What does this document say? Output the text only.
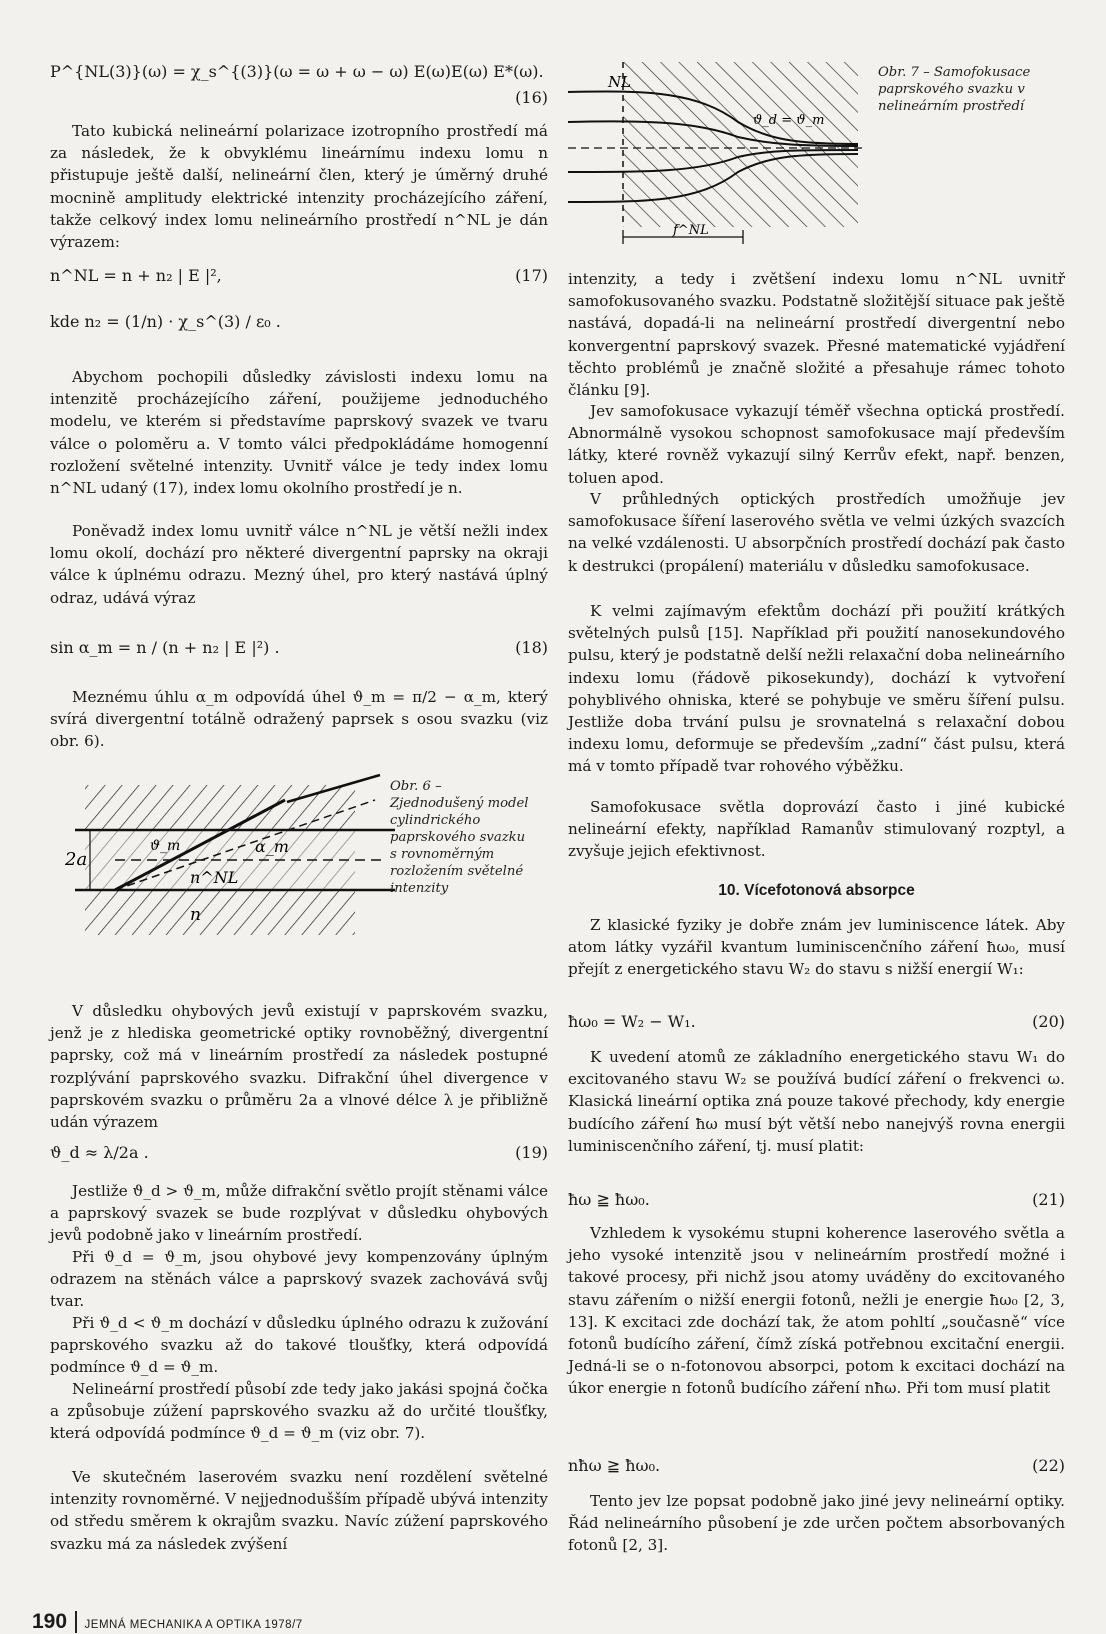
P^{NL(3)}(ω) = χ_s^{(3)}(ω = ω + ω − ω) E(ω)E(ω) E*(ω).
(16)

Tato kubická nelineární polarizace izotropního prostředí má za následek, že k obvyklému lineárnímu indexu lomu n přistupuje ještě další, nelineární člen, který je úměrný druhé mocnině amplitudy elektrické intenzity procházejícího záření, takže celkový index lomu nelineárního prostředí n^NL je dán výrazem:

n^NL = n + n₂ | E |²,	(17)
kde n₂ = (1/n) · χ_s^(3) / ε₀ .

Abychom pochopili důsledky závislosti indexu lomu na intenzitě procházejícího záření, použijeme jednoduchého modelu, ve kterém si představíme paprskový svazek ve tvaru válce o poloměru a. V tomto válci předpokládáme homogenní rozložení světelné intenzity. Uvnitř válce je tedy index lomu n^NL udaný (17), index lomu okolního prostředí je n.

Poněvadž index lomu uvnitř válce n^NL je větší nežli index lomu okolí, dochází pro některé divergentní paprsky na okraji válce k úplnému odrazu. Mezný úhel, pro který nastává úplný odraz, udává výraz

sin α_m = n / (n + n₂ | E |²) .	(18)

Meznému úhlu α_m odpovídá úhel ϑ_m = π/2 − α_m, který svírá divergentní totálně odražený paprsek s osou svazku (viz obr. 6).

2a
n^NL
n
α_m
ϑ_m
Obr. 6 – Zjednodušený model cylindrického paprskového svazku s rovnoměrným rozložením světelné intenzity

V důsledku ohybových jevů existují v paprskovém svazku, jenž je z hlediska geometrické optiky rovnoběžný, divergentní paprsky, což má v lineárním prostředí za následek postupné rozplývání paprskového svazku. Difrakční úhel divergence v paprskovém svazku o průměru 2a a vlnové délce λ je přibližně udán výrazem

ϑ_d ≈ λ/2a .	(19)

Jestliže ϑ_d > ϑ_m, může difrakční světlo projít stěnami válce a paprskový svazek se bude rozplývat v důsledku ohybových jevů podobně jako v lineárním prostředí.

Při ϑ_d = ϑ_m, jsou ohybové jevy kompenzovány úplným odrazem na stěnách válce a paprskový svazek zachovává svůj tvar.

Při ϑ_d < ϑ_m dochází v důsledku úplného odrazu k zužování paprskového svazku až do takové tloušťky, která odpovídá podmínce ϑ_d = ϑ_m.

Nelineární prostředí působí zde tedy jako jakási spojná čočka a způsobuje zúžení paprskového svazku až do určité tloušťky, která odpovídá podmínce ϑ_d = ϑ_m (viz obr. 7).

Ve skutečném laserovém svazku není rozdělení světelné intenzity rovnoměrné. V nejjednodušším případě ubývá intenzity od středu směrem k okrajům svazku. Navíc zúžení paprskového svazku má za následek zvýšení

NL
ϑ_d = ϑ_m
f^NL
Obr. 7 – Samofokusace paprskového svazku v nelineárním prostředí

intenzity, a tedy i zvětšení indexu lomu n^NL uvnitř samofokusovaného svazku. Podstatně složitější situace pak ještě nastává, dopadá-li na nelineární prostředí divergentní nebo konvergentní paprskový svazek. Přesné matematické vyjádření těchto problémů je značně složité a přesahuje rámec tohoto článku [9].

Jev samofokusace vykazují téměř všechna optická prostředí. Abnormálně vysokou schopnost samofokusace mají především látky, které rovněž vykazují silný Kerrův efekt, např. benzen, toluen apod.

V průhledných optických prostředích umožňuje jev samofokusace šíření laserového světla ve velmi úzkých svazcích na velké vzdálenosti. U absorpčních prostředí dochází pak často k destrukci (propálení) materiálu v důsledku samofokusace.

K velmi zajímavým efektům dochází při použití krátkých světelných pulsů [15]. Například při použití nanosekundového pulsu, který je podstatně delší nežli relaxační doba nelineárního indexu lomu (řádově pikosekundy), dochází k vytvoření pohyblivého ohniska, které se pohybuje ve směru šíření pulsu. Jestliže doba trvání pulsu je srovnatelná s relaxační dobou indexu lomu, deformuje se především „zadní“ část pulsu, která má v tomto případě tvar rohového výběžku.

Samofokusace světla doprovází často i jiné kubické nelineární efekty, například Ramanův stimulovaný rozptyl, a zvyšuje jejich efektivnost.

10. Vícefotonová absorpce

Z klasické fyziky je dobře znám jev luminiscence látek. Aby atom látky vyzářil kvantum luminiscenčního záření ħω₀, musí přejít z energetického stavu W₂ do stavu s nižší energií W₁:

ħω₀ = W₂ − W₁.	(20)

K uvedení atomů ze základního energetického stavu W₁ do excitovaného stavu W₂ se používá budící záření o frekvenci ω. Klasická lineární optika zná pouze takové přechody, kdy energie budícího záření ħω musí být větší nebo nanejvýš rovna energii luminiscenčního záření, tj. musí platit:

ħω ≧ ħω₀.	(21)

Vzhledem k vysokému stupni koherence laserového světla a jeho vysoké intenzitě jsou v nelineárním prostředí možné i takové procesy, při nichž jsou atomy uváděny do excitovaného stavu zářením o nižší energii fotonů, nežli je energie ħω₀ [2, 3, 13]. K excitaci zde dochází tak, že atom pohltí „současně“ více fotonů budícího záření, čímž získá potřebnou excitační energii. Jedná-li se o n-fotonovou absorpci, potom k excitaci dochází na úkor energie n fotonů budícího záření nħω. Při tom musí platit

nħω ≧ ħω₀.	(22)

Tento jev lze popsat podobně jako jiné jevy nelineární optiky. Řád nelineárního působení je zde určen počtem absorbovaných fotonů [2, 3].

190 JEMNÁ MECHANIKA A OPTIKA 1978/7
